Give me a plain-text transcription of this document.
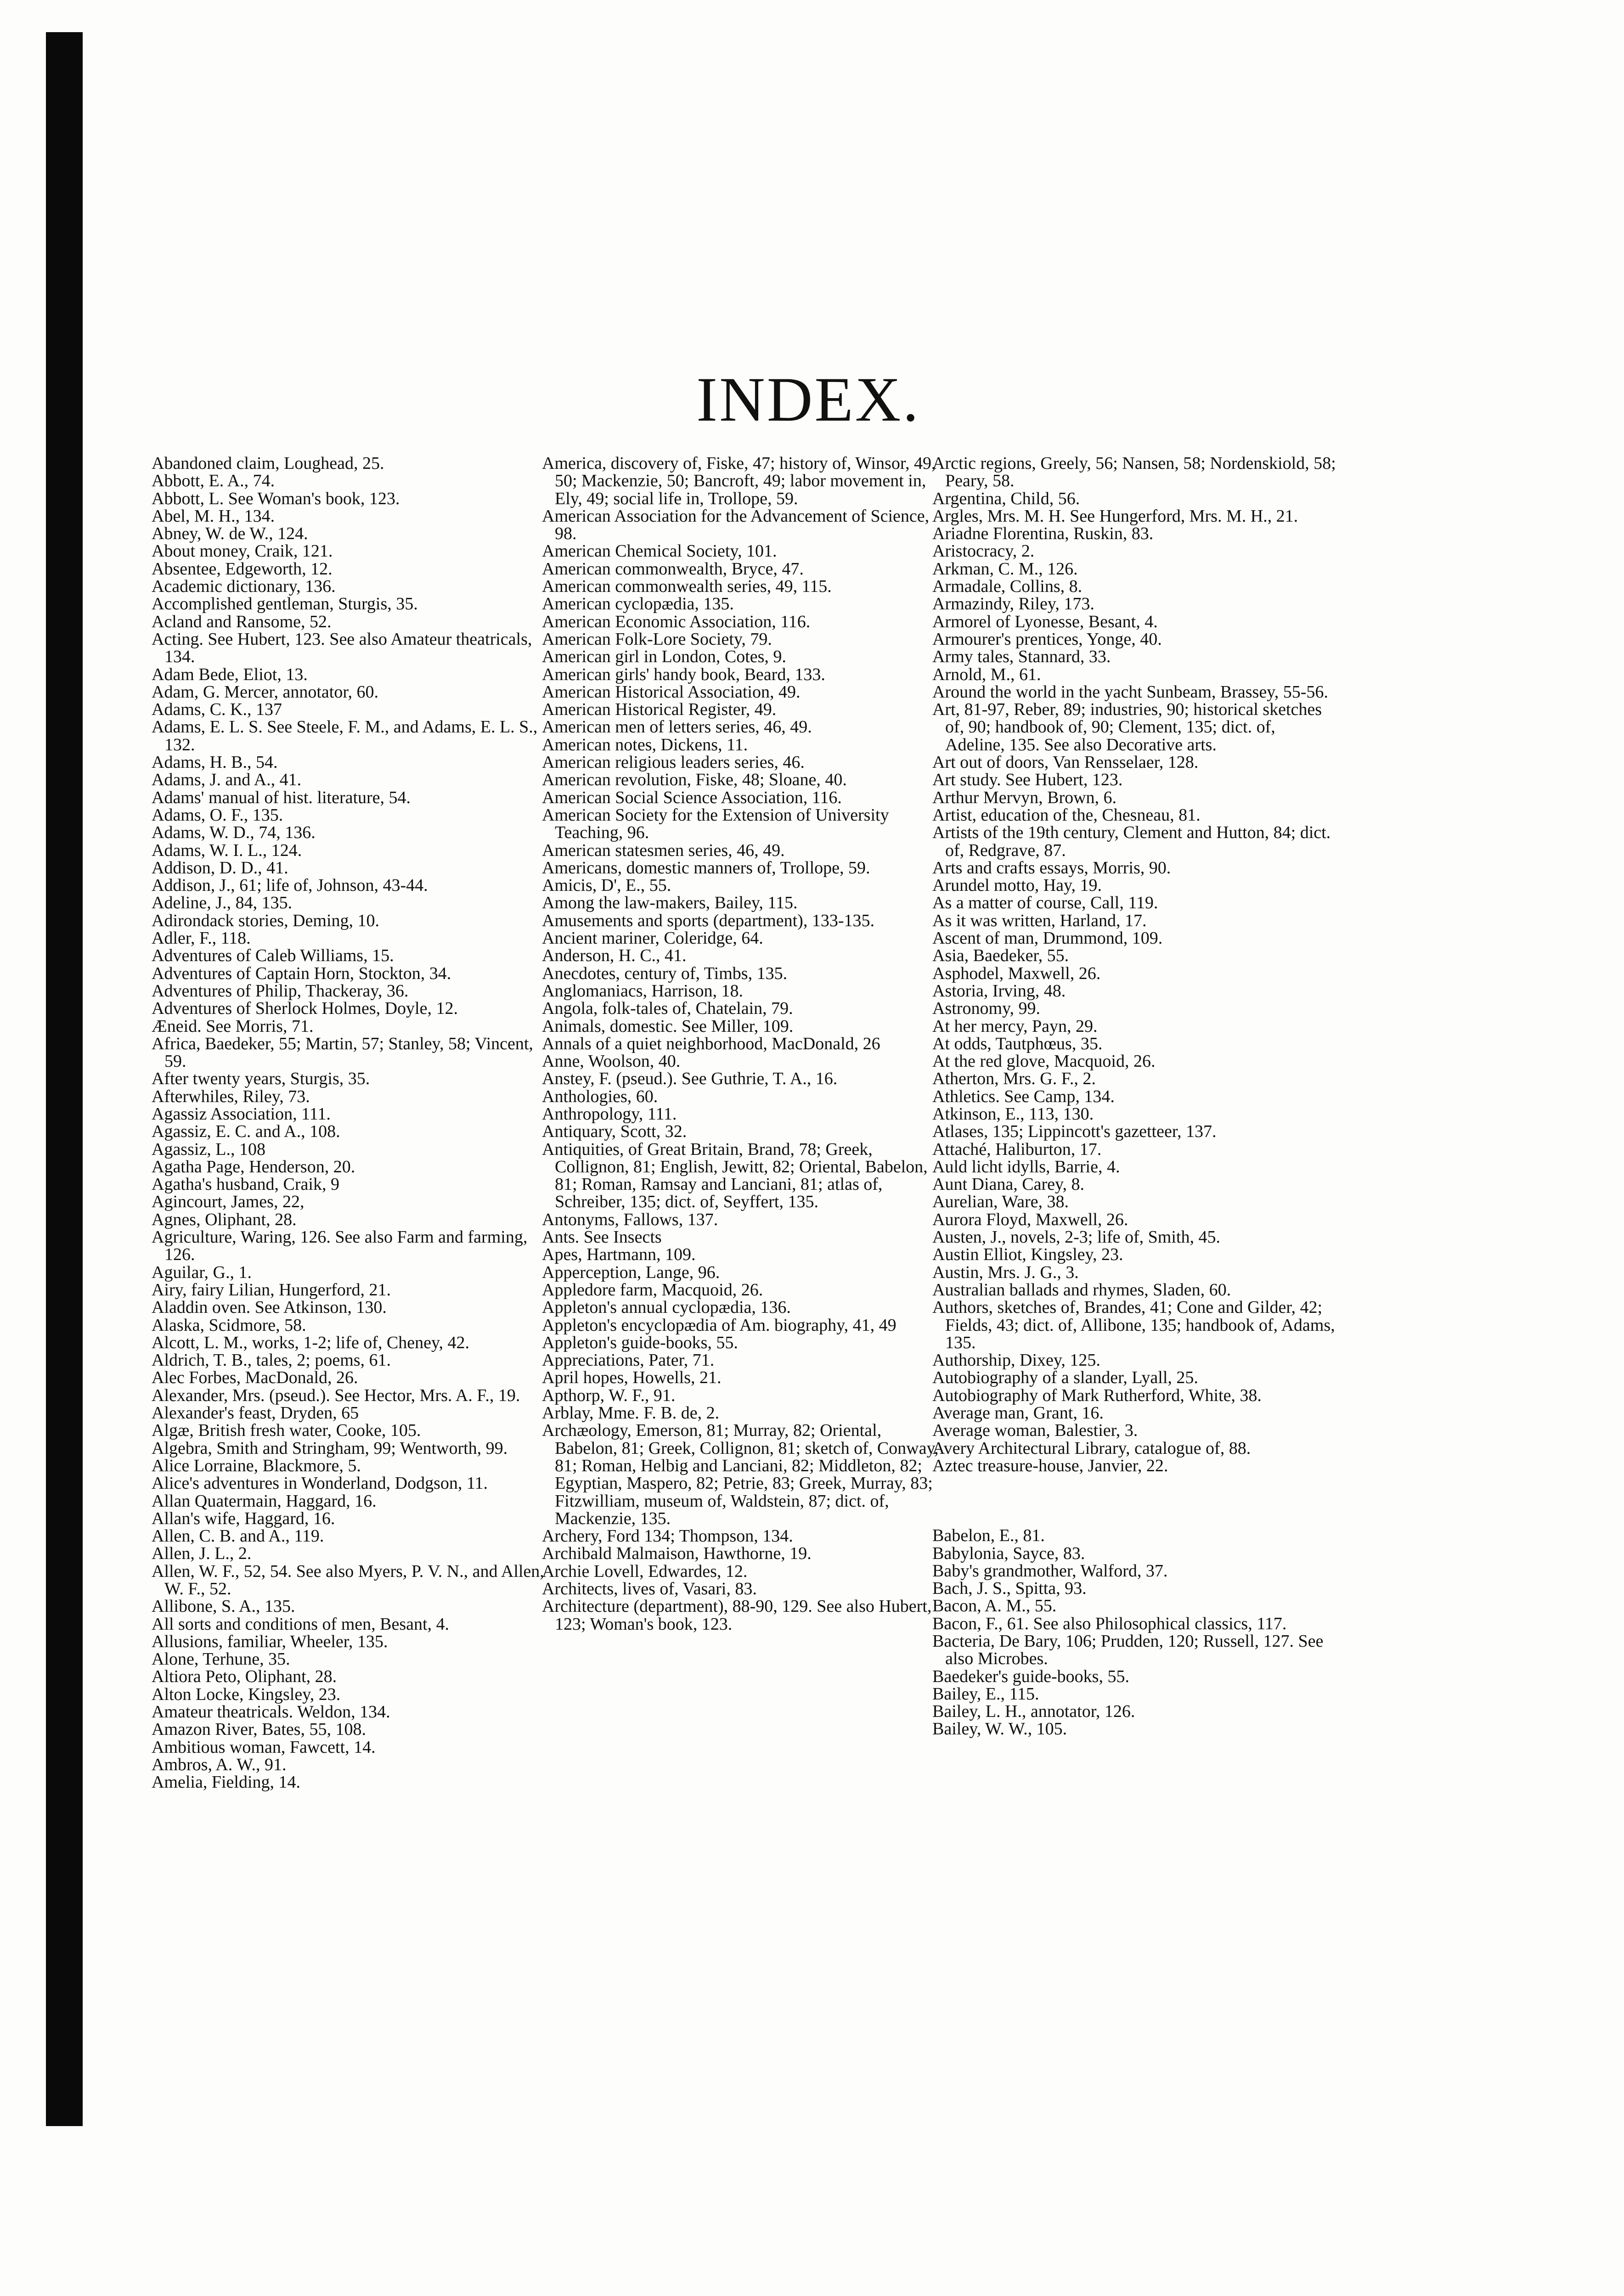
INDEX.

Abandoned claim, Loughead, 25.

Abbott, E. A., 74.

Abbott, L. See Woman's book, 123.

Abel, M. H., 134.

Abney, W. de W., 124.

About money, Craik, 121.

Absentee, Edgeworth, 12.

Academic dictionary, 136.

Accomplished gentleman, Sturgis, 35.

Acland and Ransome, 52.

Acting. See Hubert, 123. See also Amateur theatricals, 134.

Adam Bede, Eliot, 13.

Adam, G. Mercer, annotator, 60.

Adams, C. K., 137

Adams, E. L. S. See Steele, F. M., and Adams, E. L. S., 132.

Adams, H. B., 54.

Adams, J. and A., 41.

Adams' manual of hist. literature, 54.

Adams, O. F., 135.

Adams, W. D., 74, 136.

Adams, W. I. L., 124.

Addison, D. D., 41.

Addison, J., 61; life of, Johnson, 43-44.

Adeline, J., 84, 135.

Adirondack stories, Deming, 10.

Adler, F., 118.

Adventures of Caleb Williams, 15.

Adventures of Captain Horn, Stockton, 34.

Adventures of Philip, Thackeray, 36.

Adventures of Sherlock Holmes, Doyle, 12.

Æneid. See Morris, 71.

Africa, Baedeker, 55; Martin, 57; Stanley, 58; Vincent, 59.

After twenty years, Sturgis, 35.

Afterwhiles, Riley, 73.

Agassiz Association, 111.

Agassiz, E. C. and A., 108.

Agassiz, L., 108

Agatha Page, Henderson, 20.

Agatha's husband, Craik, 9

Agincourt, James, 22,

Agnes, Oliphant, 28.

Agriculture, Waring, 126. See also Farm and farming, 126.

Aguilar, G., 1.

Airy, fairy Lilian, Hungerford, 21.

Aladdin oven. See Atkinson, 130.

Alaska, Scidmore, 58.

Alcott, L. M., works, 1-2; life of, Cheney, 42.

Aldrich, T. B., tales, 2; poems, 61.

Alec Forbes, MacDonald, 26.

Alexander, Mrs. (pseud.). See Hector, Mrs. A. F., 19.

Alexander's feast, Dryden, 65

Algæ, British fresh water, Cooke, 105.

Algebra, Smith and Stringham, 99; Wentworth, 99.

Alice Lorraine, Blackmore, 5.

Alice's adventures in Wonderland, Dodgson, 11.

Allan Quatermain, Haggard, 16.

Allan's wife, Haggard, 16.

Allen, C. B. and A., 119.

Allen, J. L., 2.

Allen, W. F., 52, 54. See also Myers, P. V. N., and Allen, W. F., 52.

Allibone, S. A., 135.

All sorts and conditions of men, Besant, 4.

Allusions, familiar, Wheeler, 135.

Alone, Terhune, 35.

Altiora Peto, Oliphant, 28.

Alton Locke, Kingsley, 23.

Amateur theatricals. Weldon, 134.

Amazon River, Bates, 55, 108.

Ambitious woman, Fawcett, 14.

Ambros, A. W., 91.

Amelia, Fielding, 14.

America, discovery of, Fiske, 47; history of, Winsor, 49, 50; Mackenzie, 50; Bancroft, 49; labor movement in, Ely, 49; social life in, Trollope, 59.

American Association for the Advancement of Science, 98.

American Chemical Society, 101.

American commonwealth, Bryce, 47.

American commonwealth series, 49, 115.

American cyclopædia, 135.

American Economic Association, 116.

American Folk-Lore Society, 79.

American girl in London, Cotes, 9.

American girls' handy book, Beard, 133.

American Historical Association, 49.

American Historical Register, 49.

American men of letters series, 46, 49.

American notes, Dickens, 11.

American religious leaders series, 46.

American revolution, Fiske, 48; Sloane, 40.

American Social Science Association, 116.

American Society for the Extension of University Teaching, 96.

American statesmen series, 46, 49.

Americans, domestic manners of, Trollope, 59.

Amicis, D', E., 55.

Among the law-makers, Bailey, 115.

Amusements and sports (department), 133-135.

Ancient mariner, Coleridge, 64.

Anderson, H. C., 41.

Anecdotes, century of, Timbs, 135.

Anglomaniacs, Harrison, 18.

Angola, folk-tales of, Chatelain, 79.

Animals, domestic. See Miller, 109.

Annals of a quiet neighborhood, MacDonald, 26

Anne, Woolson, 40.

Anstey, F. (pseud.). See Guthrie, T. A., 16.

Anthologies, 60.

Anthropology, 111.

Antiquary, Scott, 32.

Antiquities, of Great Britain, Brand, 78; Greek, Collignon, 81; English, Jewitt, 82; Oriental, Babelon, 81; Roman, Ramsay and Lanciani, 81; atlas of, Schreiber, 135; dict. of, Seyffert, 135.

Antonyms, Fallows, 137.

Ants. See Insects

Apes, Hartmann, 109.

Apperception, Lange, 96.

Appledore farm, Macquoid, 26.

Appleton's annual cyclopædia, 136.

Appleton's encyclopædia of Am. biography, 41, 49

Appleton's guide-books, 55.

Appreciations, Pater, 71.

April hopes, Howells, 21.

Apthorp, W. F., 91.

Arblay, Mme. F. B. de, 2.

Archæology, Emerson, 81; Murray, 82; Oriental, Babelon, 81; Greek, Collignon, 81; sketch of, Conway, 81; Roman, Helbig and Lanciani, 82; Middleton, 82; Egyptian, Maspero, 82; Petrie, 83; Greek, Murray, 83; Fitzwilliam, museum of, Waldstein, 87; dict. of, Mackenzie, 135.

Archery, Ford 134; Thompson, 134.

Archibald Malmaison, Hawthorne, 19.

Archie Lovell, Edwardes, 12.

Architects, lives of, Vasari, 83.

Architecture (department), 88-90, 129. See also Hubert, 123; Woman's book, 123.

Arctic regions, Greely, 56; Nansen, 58; Nordenskiold, 58; Peary, 58.

Argentina, Child, 56.

Argles, Mrs. M. H. See Hungerford, Mrs. M. H., 21.

Ariadne Florentina, Ruskin, 83.

Aristocracy, 2.

Arkman, C. M., 126.

Armadale, Collins, 8.

Armazindy, Riley, 173.

Armorel of Lyonesse, Besant, 4.

Armourer's prentices, Yonge, 40.

Army tales, Stannard, 33.

Arnold, M., 61.

Around the world in the yacht Sunbeam, Brassey, 55-56.

Art, 81-97, Reber, 89; industries, 90; historical sketches of, 90; handbook of, 90; Clement, 135; dict. of, Adeline, 135. See also Decorative arts.

Art out of doors, Van Rensselaer, 128.

Art study. See Hubert, 123.

Arthur Mervyn, Brown, 6.

Artist, education of the, Chesneau, 81.

Artists of the 19th century, Clement and Hutton, 84; dict. of, Redgrave, 87.

Arts and crafts essays, Morris, 90.

Arundel motto, Hay, 19.

As a matter of course, Call, 119.

As it was written, Harland, 17.

Ascent of man, Drummond, 109.

Asia, Baedeker, 55.

Asphodel, Maxwell, 26.

Astoria, Irving, 48.

Astronomy, 99.

At her mercy, Payn, 29.

At odds, Tautphœus, 35.

At the red glove, Macquoid, 26.

Atherton, Mrs. G. F., 2.

Athletics. See Camp, 134.

Atkinson, E., 113, 130.

Atlases, 135; Lippincott's gazetteer, 137.

Attaché, Haliburton, 17.

Auld licht idylls, Barrie, 4.

Aunt Diana, Carey, 8.

Aurelian, Ware, 38.

Aurora Floyd, Maxwell, 26.

Austen, J., novels, 2-3; life of, Smith, 45.

Austin Elliot, Kingsley, 23.

Austin, Mrs. J. G., 3.

Australian ballads and rhymes, Sladen, 60.

Authors, sketches of, Brandes, 41; Cone and Gilder, 42; Fields, 43; dict. of, Allibone, 135; handbook of, Adams, 135.

Authorship, Dixey, 125.

Autobiography of a slander, Lyall, 25.

Autobiography of Mark Rutherford, White, 38.

Average man, Grant, 16.

Average woman, Balestier, 3.

Avery Architectural Library, catalogue of, 88.

Aztec treasure-house, Janvier, 22.

Babelon, E., 81.

Babylonia, Sayce, 83.

Baby's grandmother, Walford, 37.

Bach, J. S., Spitta, 93.

Bacon, A. M., 55.

Bacon, F., 61. See also Philosophical classics, 117.

Bacteria, De Bary, 106; Prudden, 120; Russell, 127. See also Microbes.

Baedeker's guide-books, 55.

Bailey, E., 115.

Bailey, L. H., annotator, 126.

Bailey, W. W., 105.
